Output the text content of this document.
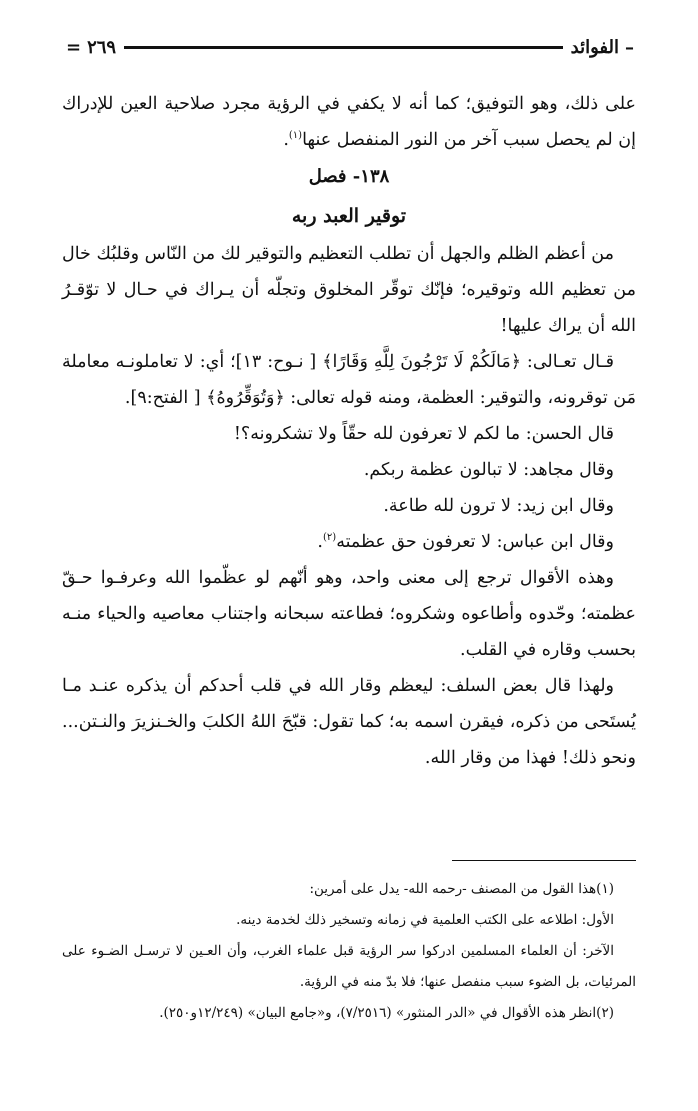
–
الفوائد
٢٦٩
=

على ذلك، وهو التوفيق؛ كما أنه لا يكفي في الرؤية مجرد صلاحية العين للإدراك إن لم يحصل سبب آخر من النور المنفصل عنها$^{(١)}$.

١٣٨- فصل

توقير العبد ربه

من أعظم الظلم والجهل أن تطلب التعظيم والتوقير لك من النّاس وقلبُك خال من تعظيم الله وتوقيره؛ فإنّك توقّر المخلوق وتجلّه أن يـراك في حـال لا توّقـرُ الله أن يراك عليها!

قـال تعـالى: ﴿مَالَكُمْ لَا تَرْجُونَ لِلَّهِ وَقَارًا﴾ [ نـوح: ١٣]؛ أي: لا تعاملونـه معاملة مَن توقرونه، والتوقير: العظمة، ومنه قوله تعالى: ﴿وَتُوَقِّرُوهُ﴾ [ الفتح:٩].

قال الحسن: ما لكم لا تعرفون لله حقّاً ولا تشكرونه؟!

وقال مجاهد: لا تبالون عظمة ربكم.

وقال ابن زيد: لا ترون لله طاعة.

وقال ابن عباس: لا تعرفون حق عظمته$^{(٢)}$.

وهذه الأقوال ترجع إلى معنى واحد، وهو أنّهم لو عظّموا الله وعرفـوا حـقّ عظمته؛ وحّدوه وأطاعوه وشكروه؛ فطاعته سبحانه واجتناب معاصيه والحياء منـه بحسب وقاره في القلب.

ولهذا قال بعض السلف: ليعظم وقار الله في قلب أحدكم أن يذكره عنـد مـا يُستَحى من ذكره، فيقرن اسمه به؛ كما تقول: قبّحَ اللهُ الكلبَ والخـنزيرَ والنـتن... ونحو ذلك! فهذا من وقار الله.

(١)هذا القول من المصنف -رحمه الله- يدل على أمرين:

الأول: اطلاعه على الكتب العلمية في زمانه وتسخير ذلك لخدمة دينه.

الآخر: أن العلماء المسلمين ادركوا سر الرؤية قبل علماء الغرب، وأن العـين لا ترسـل الضـوء على المرئيات، بل الضوء سبب منفصل عنها؛ فلا بدّ منه في الرؤية.

(٢)انظر هذه الأقوال في «الدر المنثور» (٧/٢٥١٦)، و«جامع البيان» (١٢/٢٤٩و٢٥٠).
